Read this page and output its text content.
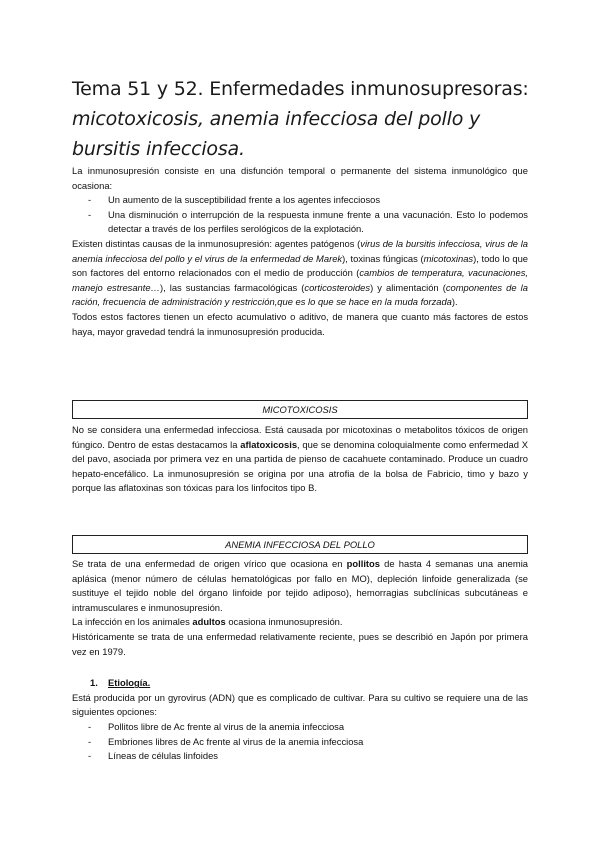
Tema 51 y 52. Enfermedades inmunosupresoras:
micotoxicosis, anemia infecciosa del pollo y
bursitis infecciosa.

La inmunosupresión consiste en una disfunción temporal o permanente del sistema inmunológico que ocasiona:

- Un aumento de la susceptibilidad frente a los agentes infecciosos
- Una disminución o interrupción de la respuesta inmune frente a una vacunación. Esto lo podemos detectar a través de los perfiles serológicos de la explotación.

Existen distintas causas de la inmunosupresión: agentes patógenos (virus de la bursitis infecciosa, virus de la anemia infecciosa del pollo y el virus de la enfermedad de Marek), toxinas fúngicas (micotoxinas), todo lo que son factores del entorno relacionados con el medio de producción (cambios de temperatura, vacunaciones, manejo estresante…), las sustancias farmacológicas (corticosteroides) y alimentación (componentes de la ración, frecuencia de administración y restricción,que es lo que se hace en la muda forzada).

Todos estos factores tienen un efecto acumulativo o aditivo, de manera que cuanto más factores de estos haya, mayor gravedad tendrá la inmunosupresión producida.

MICOTOXICOSIS

No se considera una enfermedad infecciosa. Está causada por micotoxinas o metabolitos tóxicos de origen fúngico. Dentro de estas destacamos la aflatoxicosis, que se denomina coloquialmente como enfermedad X del pavo, asociada por primera vez en una partida de pienso de cacahuete contaminado. Produce un cuadro hepato-encefálico. La inmunosupresión se origina por una atrofia de la bolsa de Fabricio, timo y bazo y porque las aflatoxinas son tóxicas para los linfocitos tipo B.

ANEMIA INFECCIOSA DEL POLLO

Se trata de una enfermedad de origen vírico que ocasiona en pollitos de hasta 4 semanas una anemia aplásica (menor número de células hematológicas por fallo en MO), depleción linfoide generalizada (se sustituye el tejido noble del órgano linfoide por tejido adiposo), hemorragias subclínicas subcutáneas e intramusculares e inmunosupresión.

La infección en los animales adultos ocasiona inmunosupresión.

Históricamente se trata de una enfermedad relativamente reciente, pues se describió en Japón por primera vez en 1979.

1. Etiología.

Está producida por un gyrovirus (ADN) que es complicado de cultivar. Para su cultivo se requiere una de las siguientes opciones:

- Pollitos libre de Ac frente al virus de la anemia infecciosa
- Embriones libres de Ac frente al virus de la anemia infecciosa
- Líneas de células linfoides
